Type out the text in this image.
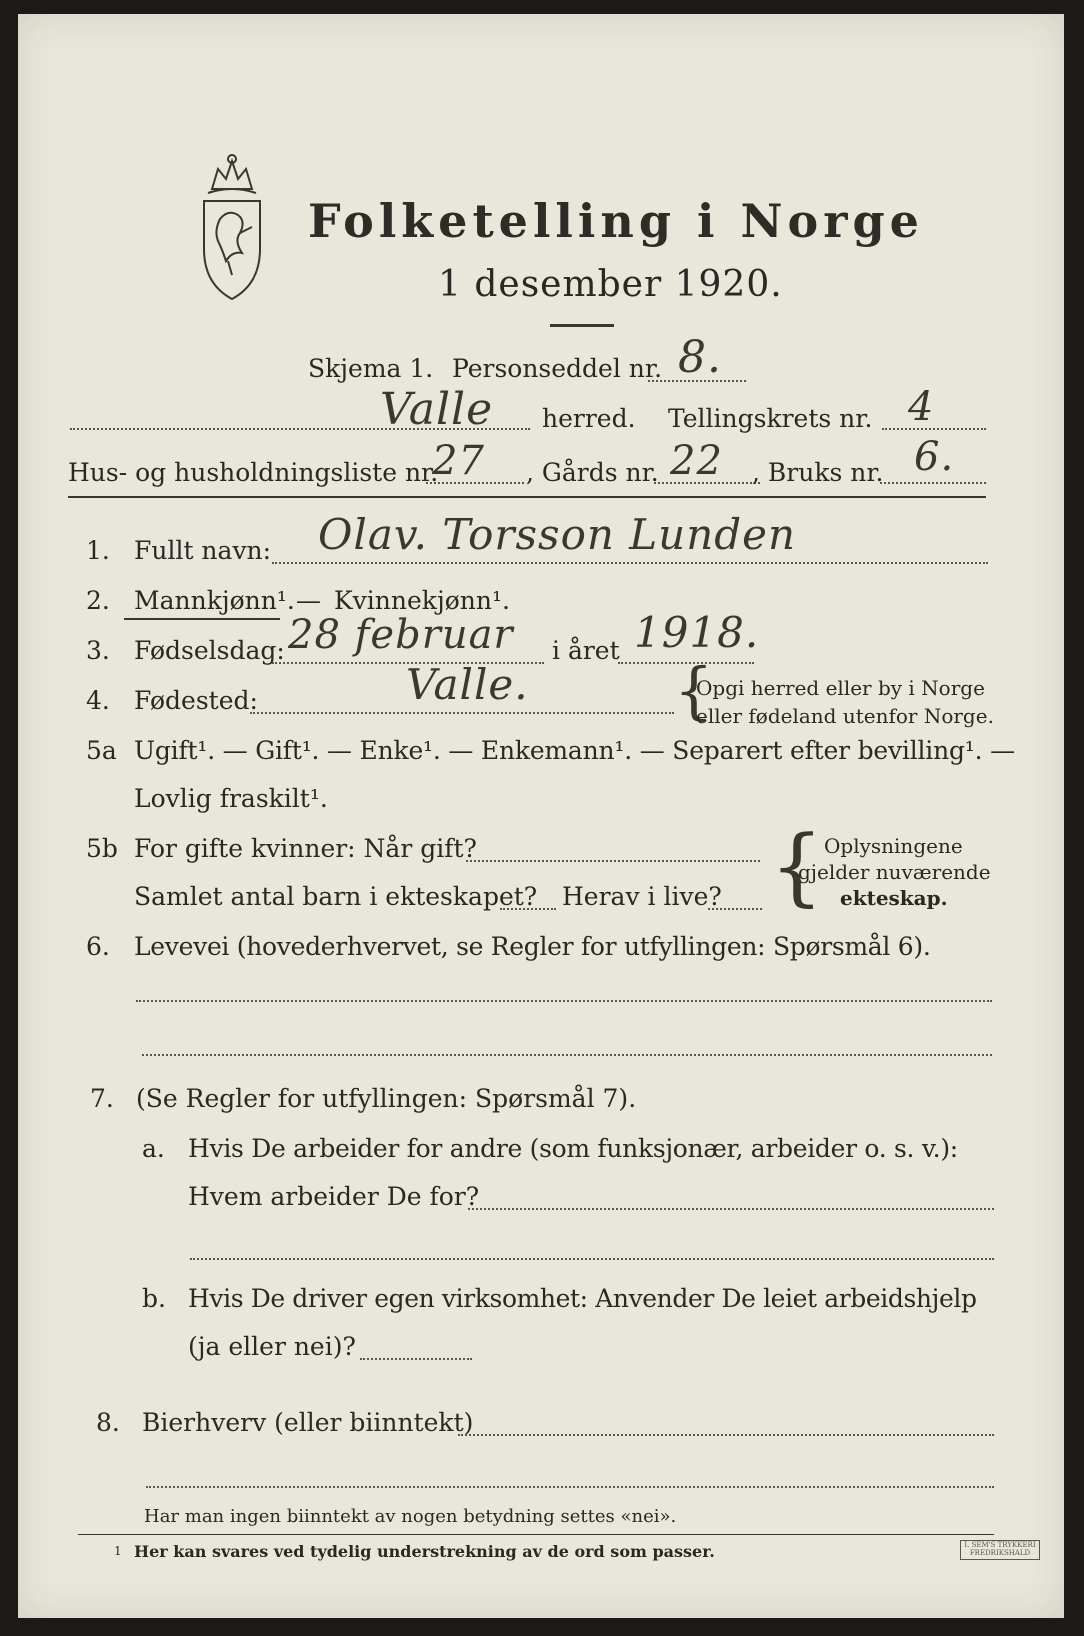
Folketelling i Norge
1 desember 1920.
Skjema 1. Personseddel nr. 8.
Valle herred. Tellingskrets nr. 4
Hus- og husholdningsliste nr.
27 , Gårds nr. 22 , Bruks nr. 6.
1. Fullt navn: Olav. Torsson Lunden
2. Mannkjønn¹. — Kvinnekjønn¹.
3. Fødselsdag: 28 februar i året 1918.
4. Fødested:	Valle. {
Opgi herred eller by i Norge
eller fødeland utenfor Norge.
5a Ugift¹. — Gift¹. — Enke¹. — Enkemann¹. — Separert efter bevilling¹. —
Lovlig fraskilt¹.
5b For gifte kvinner: Når gift?
Samlet antal barn i ekteskapet? Herav i live? { Oplysningene
gjelder nuværende
ekteskap.
6. Levevei (hovederhvervet, se Regler for utfyllingen: Spørsmål 6).
7. (Se Regler for utfyllingen: Spørsmål 7).
a. Hvis De arbeider for andre (som funksjonær, arbeider o. s. v.):
Hvem arbeider De for?
b. Hvis De driver egen virksomhet: Anvender De leiet arbeidshjelp
(ja eller nei)?
8. Bierhverv (eller biinntekt)
Har man ingen biinntekt av nogen betydning settes «nei».
1 Her kan svares ved tydelig understrekning av de ord som passer.	I. SEM'S TRYKKERI FREDRIKSHALD
